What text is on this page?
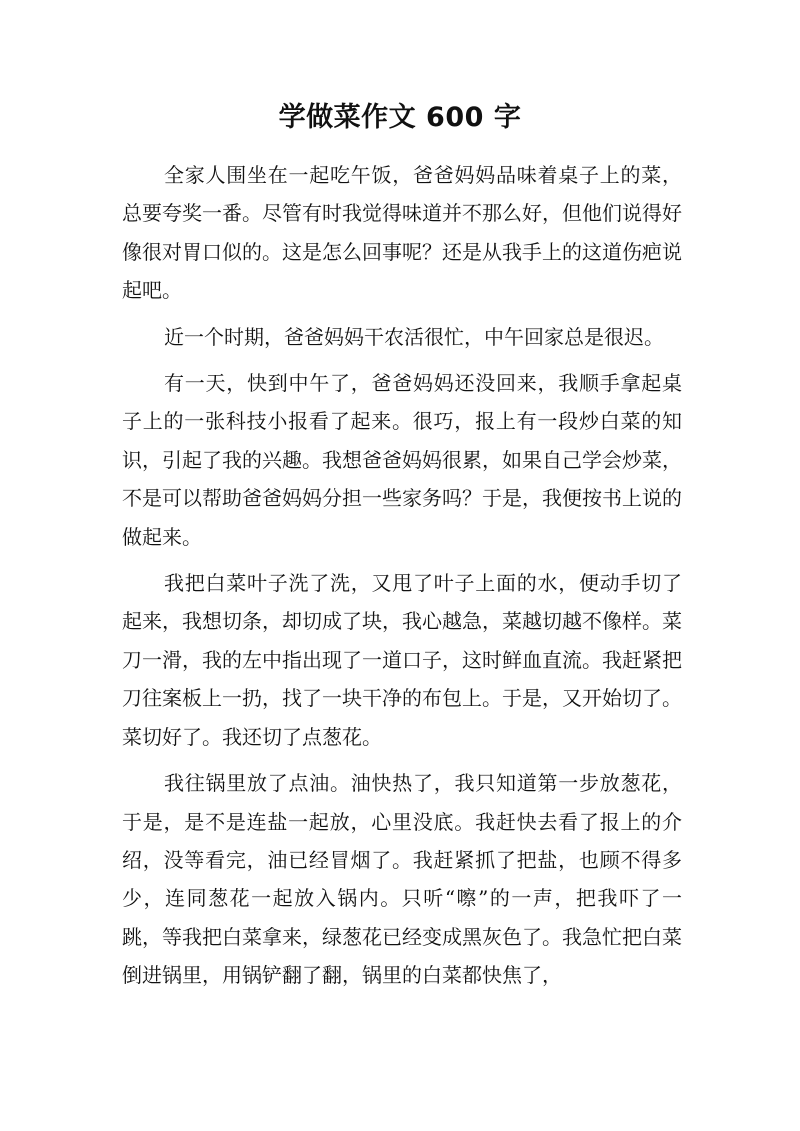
学做菜作文 600 字

全家人围坐在一起吃午饭，爸爸妈妈品味着桌子上的菜，总要夸奖一番。尽管有时我觉得味道并不那么好，但他们说得好像很对胃口似的。这是怎么回事呢？还是从我手上的这道伤疤说起吧。

近一个时期，爸爸妈妈干农活很忙，中午回家总是很迟。

有一天，快到中午了，爸爸妈妈还没回来，我顺手拿起桌子上的一张科技小报看了起来。很巧，报上有一段炒白菜的知识，引起了我的兴趣。我想爸爸妈妈很累，如果自己学会炒菜，不是可以帮助爸爸妈妈分担一些家务吗？于是，我便按书上说的做起来。

我把白菜叶子洗了洗，又甩了叶子上面的水，便动手切了起来，我想切条，却切成了块，我心越急，菜越切越不像样。菜刀一滑，我的左中指出现了一道口子，这时鲜血直流。我赶紧把刀往案板上一扔，找了一块干净的布包上。于是，又开始切了。菜切好了。我还切了点葱花。

我往锅里放了点油。油快热了，我只知道第一步放葱花，于是，是不是连盐一起放，心里没底。我赶快去看了报上的介绍，没等看完，油已经冒烟了。我赶紧抓了把盐，也顾不得多少，连同葱花一起放入锅内。只听“嚓”的一声，把我吓了一跳，等我把白菜拿来，绿葱花已经变成黑灰色了。我急忙把白菜倒进锅里，用锅铲翻了翻，锅里的白菜都快焦了，
